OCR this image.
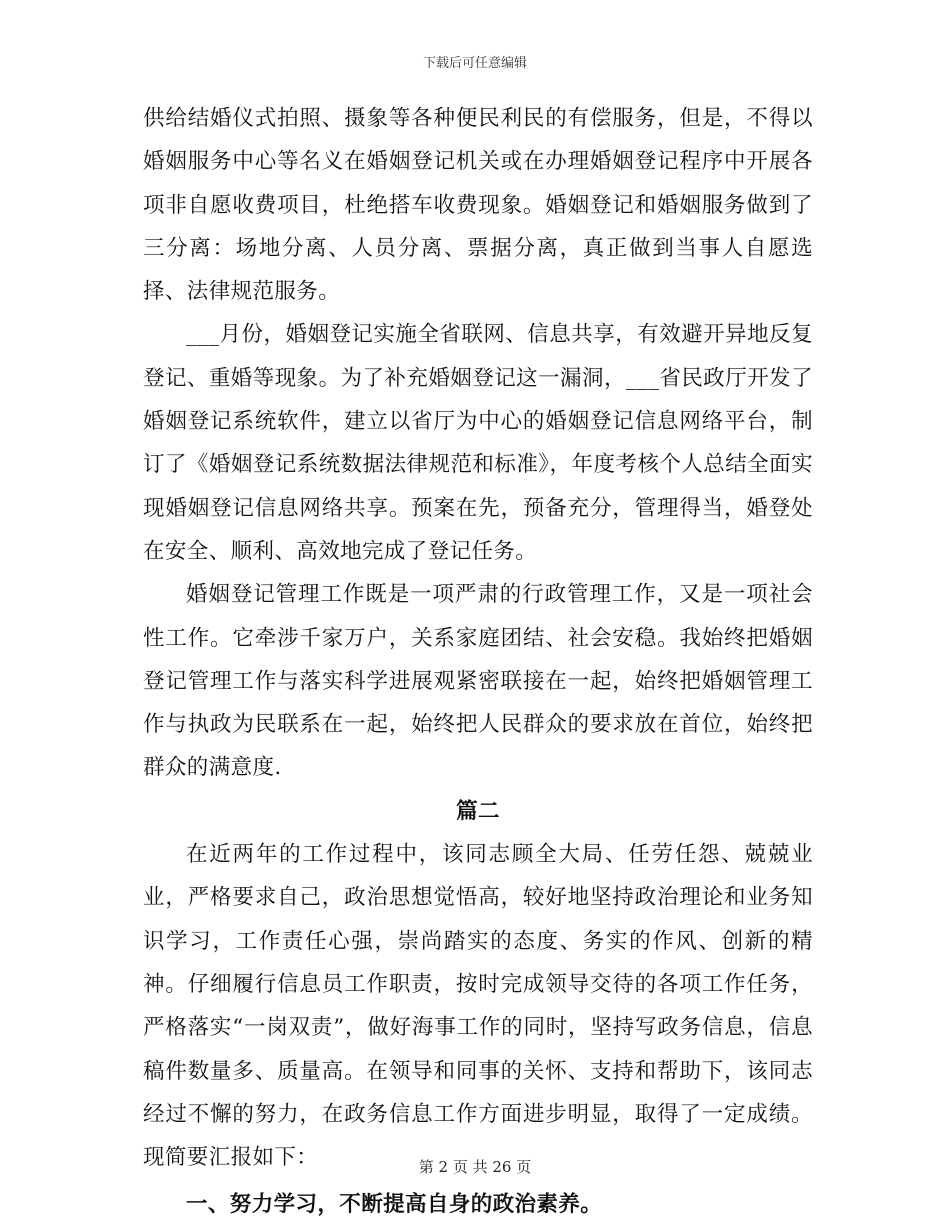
下载后可任意编辑

供给结婚仪式拍照、摄象等各种便民利民的有偿服务，但是，不得以婚姻服务中心等名义在婚姻登记机关或在办理婚姻登记程序中开展各项非自愿收费项目，杜绝搭车收费现象。婚姻登记和婚姻服务做到了三分离：场地分离、人员分离、票据分离，真正做到当事人自愿选择、法律规范服务。

___月份，婚姻登记实施全省联网、信息共享，有效避开异地反复登记、重婚等现象。为了补充婚姻登记这一漏洞，___省民政厅开发了婚姻登记系统软件，建立以省厅为中心的婚姻登记信息网络平台，制订了《婚姻登记系统数据法律规范和标准》，年度考核个人总结全面实现婚姻登记信息网络共享。预案在先，预备充分，管理得当，婚登处在安全、顺利、高效地完成了登记任务。

婚姻登记管理工作既是一项严肃的行政管理工作，又是一项社会性工作。它牵涉千家万户，关系家庭团结、社会安稳。我始终把婚姻登记管理工作与落实科学进展观紧密联接在一起，始终把婚姻管理工作与执政为民联系在一起，始终把人民群众的要求放在首位，始终把群众的满意度.

篇二

在近两年的工作过程中，该同志顾全大局、任劳任怨、兢兢业业，严格要求自己，政治思想觉悟高，较好地坚持政治理论和业务知识学习，工作责任心强，崇尚踏实的态度、务实的作风、创新的精神。仔细履行信息员工作职责，按时完成领导交待的各项工作任务，严格落实“一岗双责”，做好海事工作的同时，坚持写政务信息，信息稿件数量多、质量高。在领导和同事的关怀、支持和帮助下，该同志经过不懈的努力，在政务信息工作方面进步明显，取得了一定成绩。现简要汇报如下：

一、努力学习，不断提高自身的政治素养。

第 2 页 共 26 页
